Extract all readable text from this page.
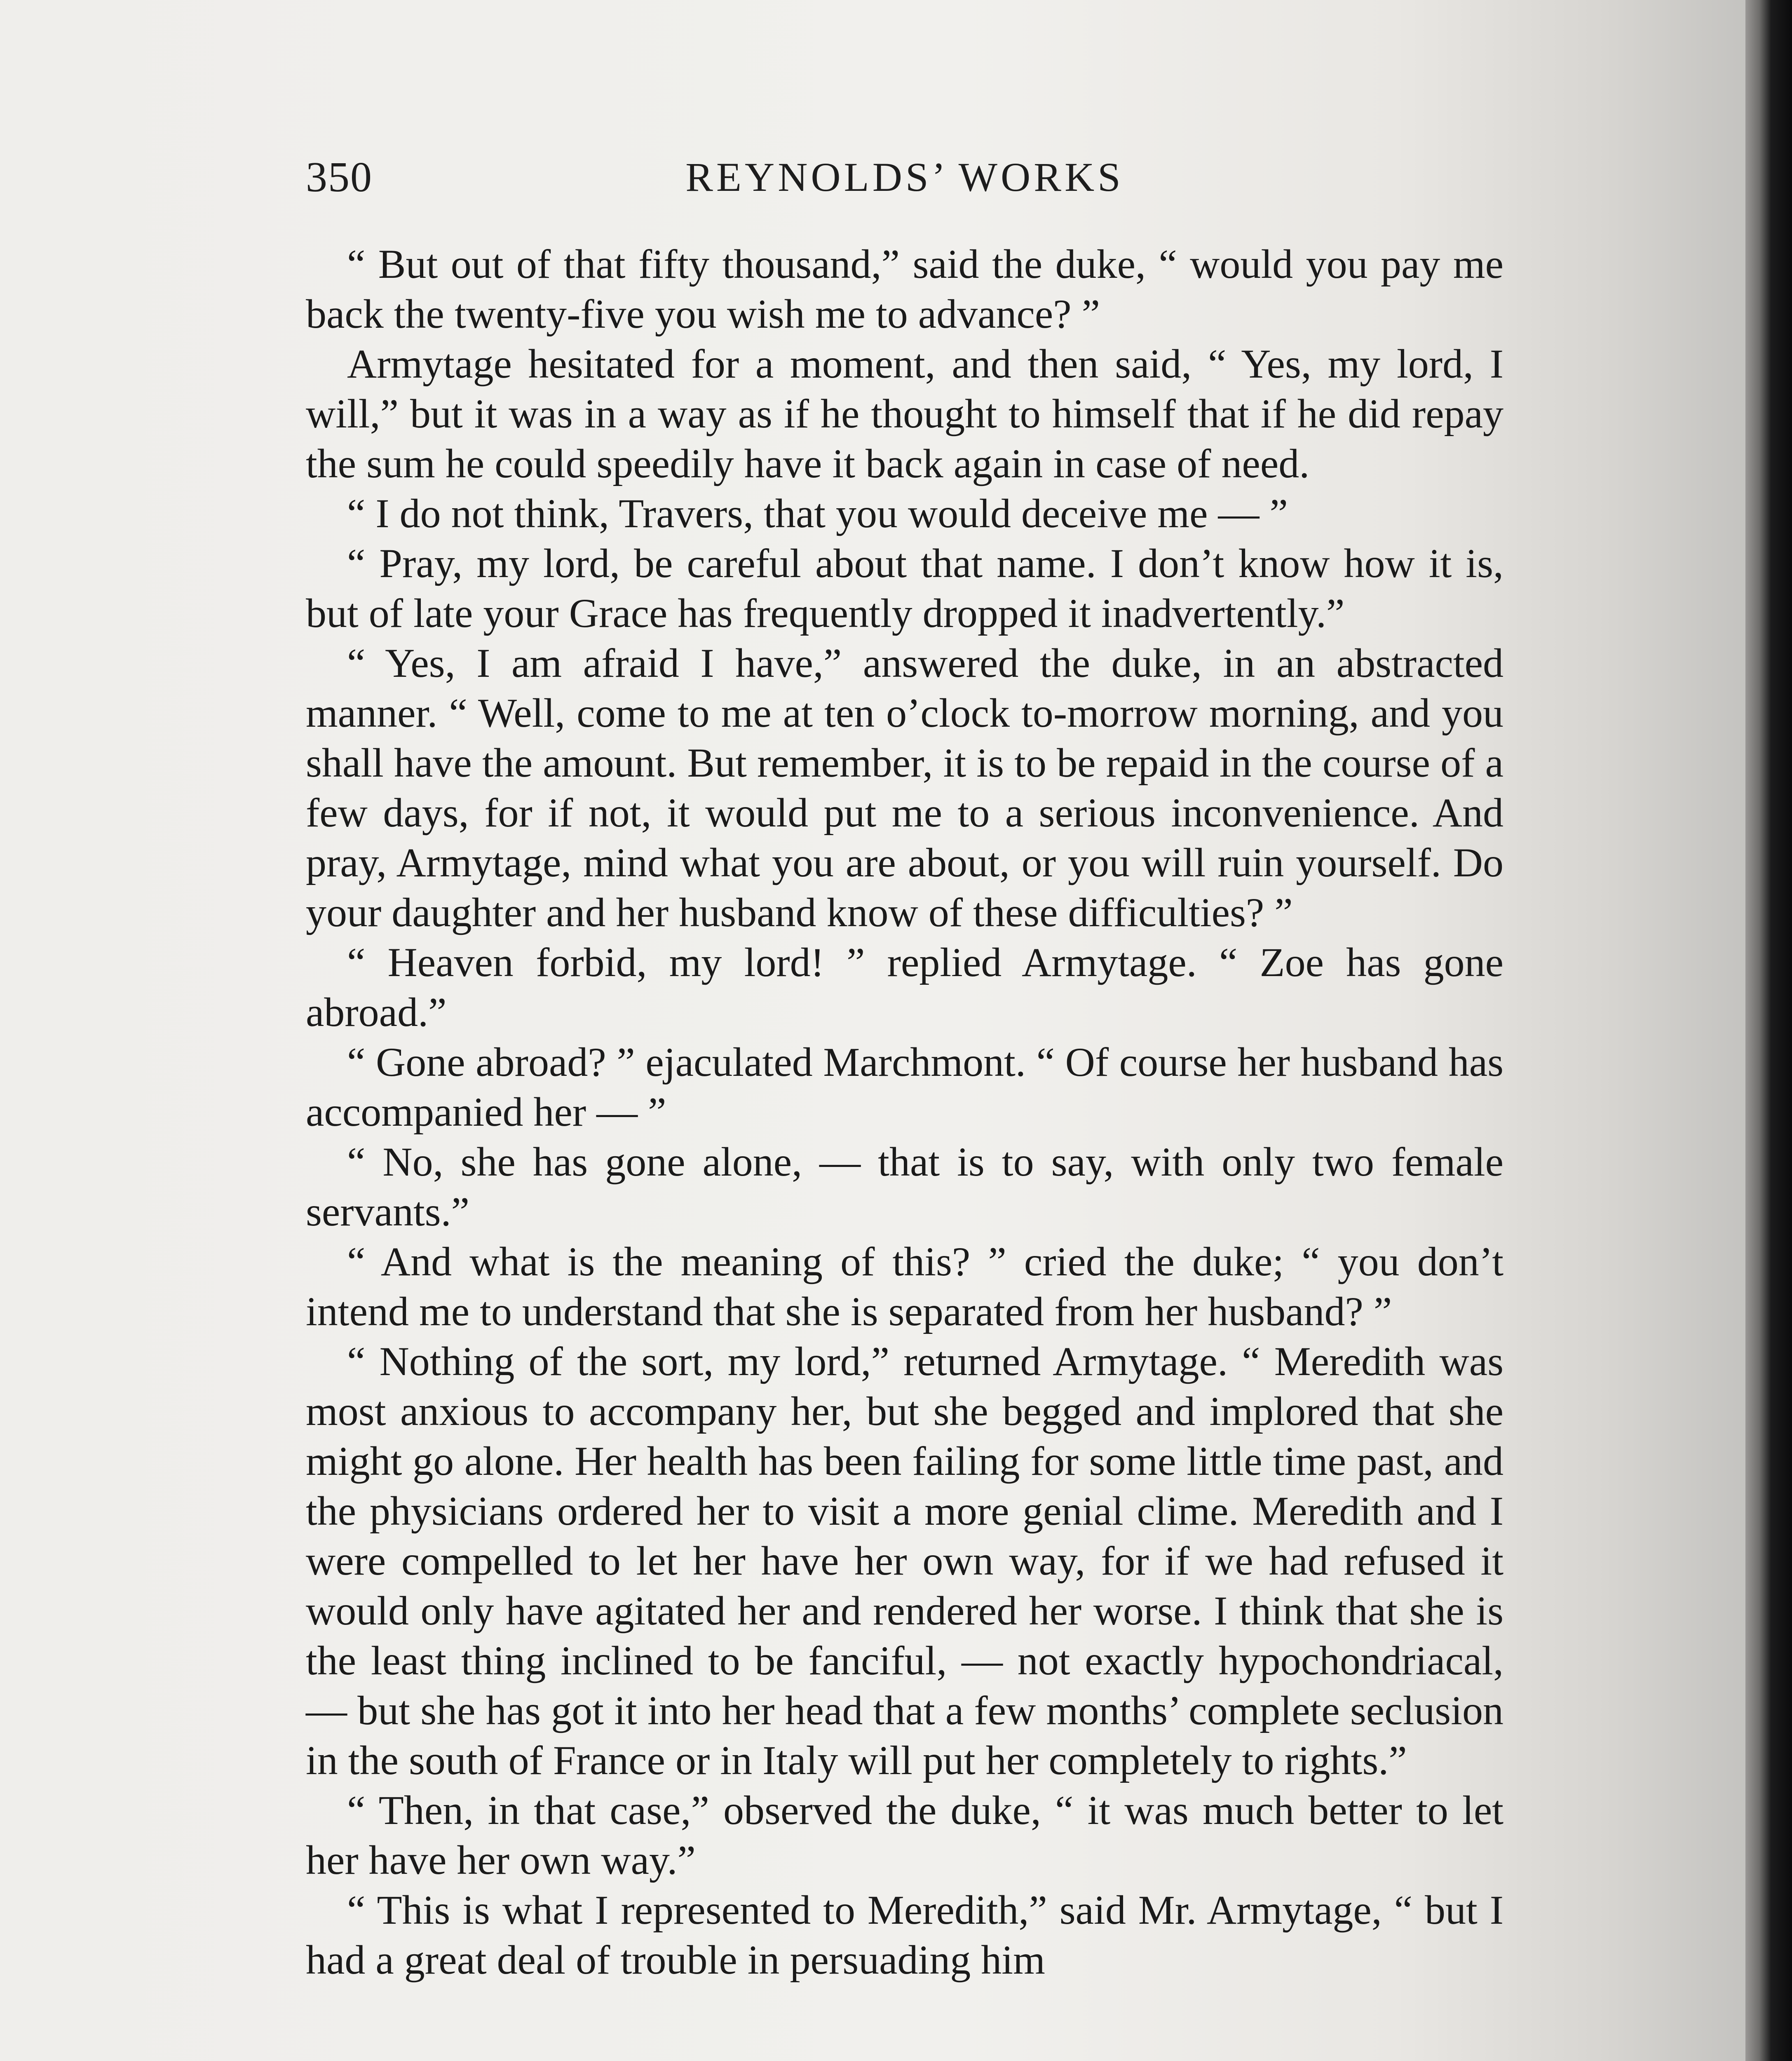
350	REYNOLDS’ WORKS

“ But out of that fifty thousand,” said the duke, “ would you pay me back the twenty-five you wish me to advance? ”

Armytage hesitated for a moment, and then said, “ Yes, my lord, I will,” but it was in a way as if he thought to himself that if he did repay the sum he could speedily have it back again in case of need.

“ I do not think, Travers, that you would deceive me — ”

“ Pray, my lord, be careful about that name. I don’t know how it is, but of late your Grace has frequently dropped it inadvertently.”

“ Yes, I am afraid I have,” answered the duke, in an abstracted manner. “ Well, come to me at ten o’clock to-morrow morning, and you shall have the amount. But remember, it is to be repaid in the course of a few days, for if not, it would put me to a serious inconvenience. And pray, Armytage, mind what you are about, or you will ruin yourself. Do your daughter and her husband know of these difficulties? ”

“ Heaven forbid, my lord! ” replied Armytage. “ Zoe has gone abroad.”

“ Gone abroad? ” ejaculated Marchmont. “ Of course her husband has accompanied her — ”

“ No, she has gone alone, — that is to say, with only two female servants.”

“ And what is the meaning of this? ” cried the duke; “ you don’t intend me to understand that she is separated from her husband? ”

“ Nothing of the sort, my lord,” returned Armytage. “ Meredith was most anxious to accompany her, but she begged and implored that she might go alone. Her health has been failing for some little time past, and the physicians ordered her to visit a more genial clime. Meredith and I were compelled to let her have her own way, for if we had refused it would only have agitated her and rendered her worse. I think that she is the least thing inclined to be fanciful, — not exactly hypochondriacal, — but she has got it into her head that a few months’ complete seclusion in the south of France or in Italy will put her completely to rights.”

“ Then, in that case,” observed the duke, “ it was much better to let her have her own way.”

“ This is what I represented to Meredith,” said Mr. Armytage, “ but I had a great deal of trouble in persuading him
